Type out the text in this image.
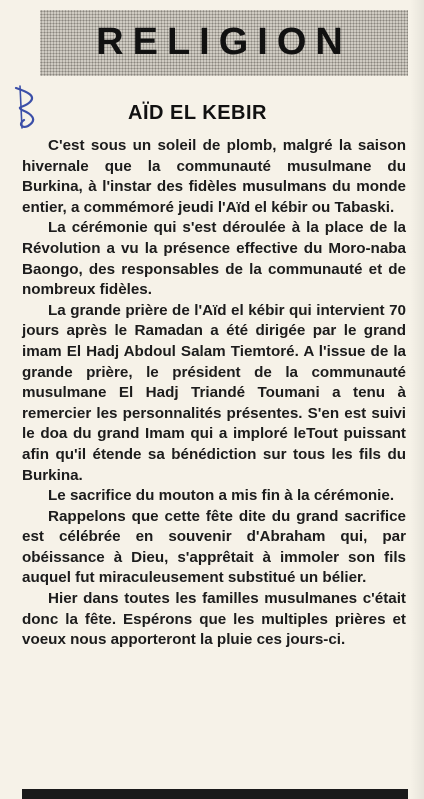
RELIGION
AÏD EL KEBIR

C'est sous un soleil de plomb, malgré la saison hivernale que la communauté musulmane du Burkina, à l'instar des fidèles musulmans du monde entier, a commémoré jeudi l'Aïd el kébir ou Tabaski.

La cérémonie qui s'est déroulée à la place de la Révolution a vu la présence effective du Moro-naba Baongo, des responsables de la communauté et de nombreux fidèles.

La grande prière de l'Aïd el kébir qui intervient 70 jours après le Ramadan a été dirigée par le grand imam El Hadj Abdoul Salam Tiemtoré. A l'issue de la grande prière, le président de la communauté musulmane El Hadj Triandé Toumani a tenu à remercier les personnalités présentes. S'en est suivi le doa du grand Imam qui a imploré leTout puissant afin qu'il étende sa bénédiction sur tous les fils du Burkina.

Le sacrifice du mouton a mis fin à la cérémonie.

Rappelons que cette fête dite du grand sacrifice est célébrée en souvenir d'Abraham qui, par obéissance à Dieu, s'apprêtait à immoler son fils auquel fut miraculeusement substitué un bélier.

Hier dans toutes les familles musulmanes c'était donc la fête. Espérons que les multiples prières et voeux nous apporteront la pluie ces jours-ci.
